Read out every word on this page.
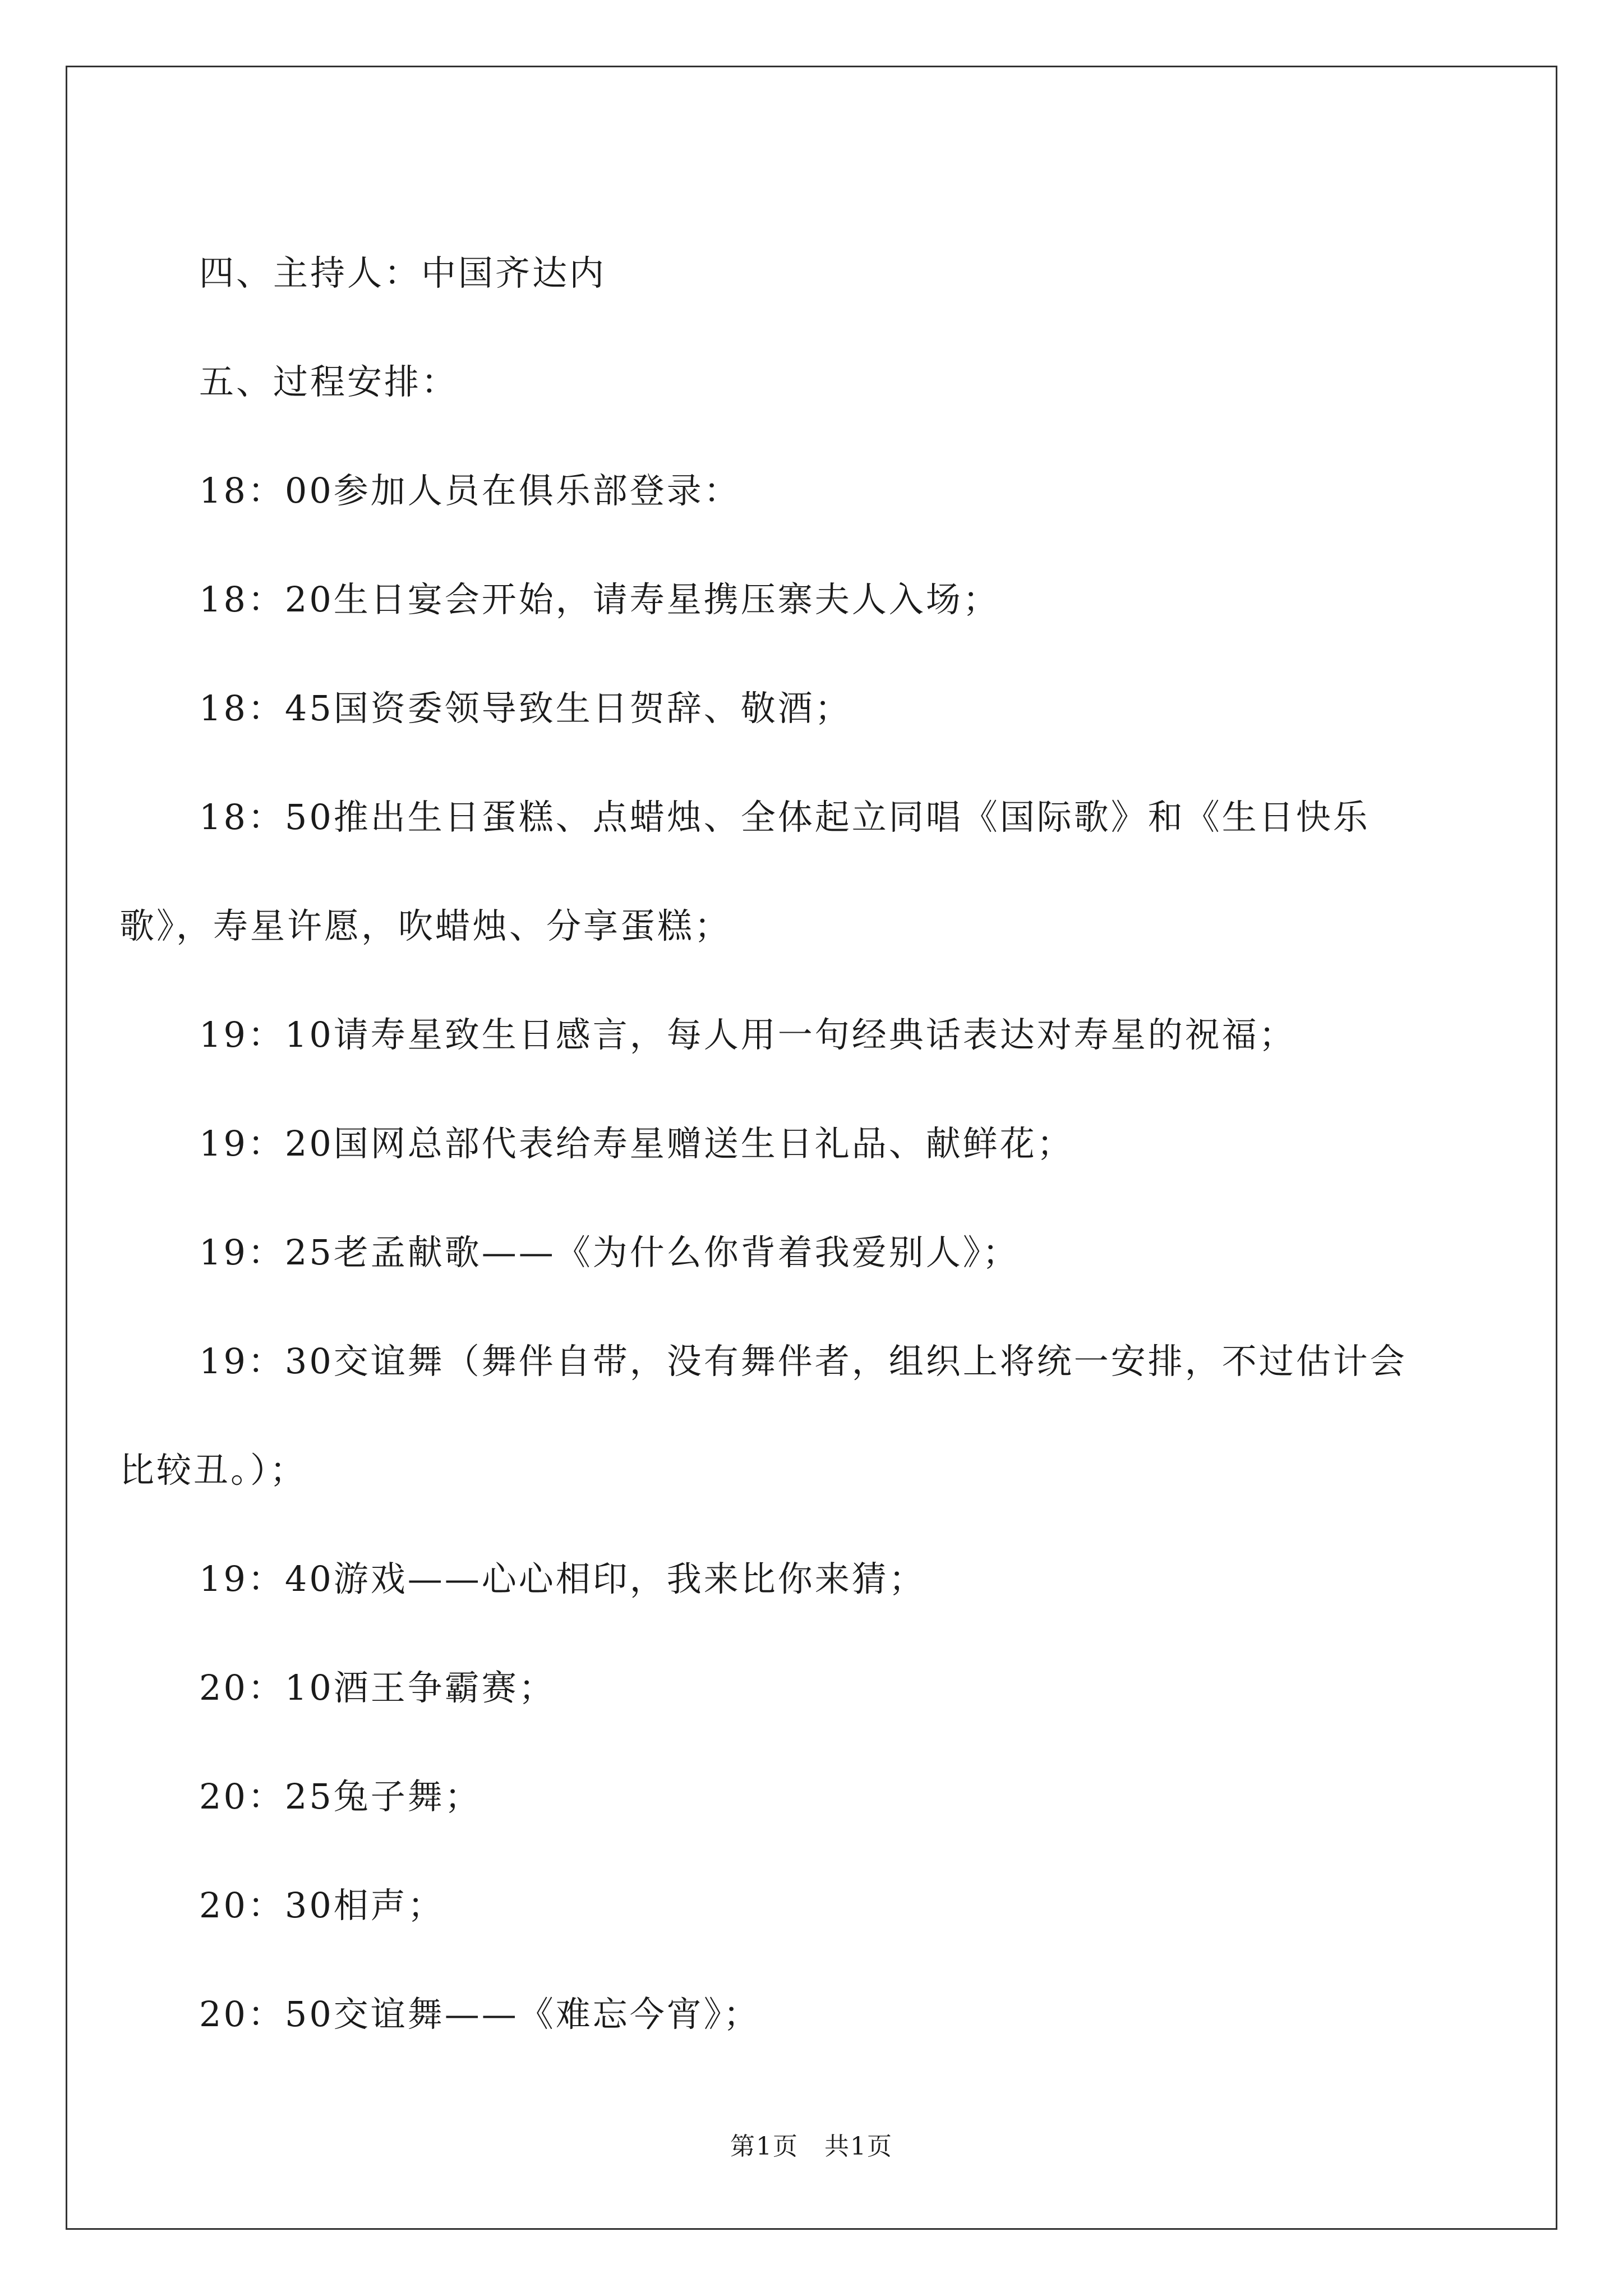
四、主持人：中国齐达内

五、过程安排：

18：00参加人员在俱乐部登录：

18：20生日宴会开始，请寿星携压寨夫人入场；

18：45国资委领导致生日贺辞、敬酒；

18：50推出生日蛋糕、点蜡烛、全体起立同唱《国际歌》和《生日快乐歌》，寿星许愿，吹蜡烛、分享蛋糕；

19：10请寿星致生日感言，每人用一句经典话表达对寿星的祝福；

19：20国网总部代表给寿星赠送生日礼品、献鲜花；

19：25老孟献歌——《为什么你背着我爱别人》；

19：30交谊舞（舞伴自带，没有舞伴者，组织上将统一安排，不过估计会比较丑。）；

19：40游戏——心心相印，我来比你来猜；

20：10酒王争霸赛；

20：25兔子舞；

20：30相声；

20：50交谊舞——《难忘今宵》；

第1页 共1页
